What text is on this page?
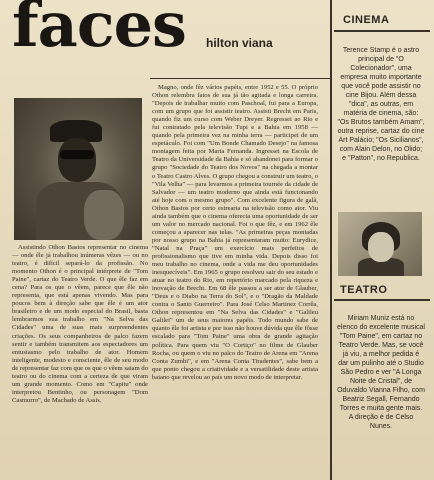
faces hilton viana

Assistindo Othon Bastos representar no cinema — onde êle já trabalhou inúmeras vêzes — ou no teatro, é difícil separá-lo da profissão. No momento Othon é o principal intérprete de "Tom Paine", cartaz do Teatro Verde. O que êle faz em cena? Para os que o vêem, parece que êle não representa, que está apenas vivendo. Mas para poucos bem à direção sabe que êle é um ator brasileiro e de um modo especial do Brasil, basta lembrarmos sua trabalho em "Na Selva das Cidades" uma de suas mais surpreendentes criações. Os seus companheiros de palco fazem sentir e também transmitem aos espectadores um entusiasmo pelo trabalho de ator. Homem inteligente, modesto e consciente, êle de seu modo de representar faz com que os que o vêem saiam do teatro ou do cinema com a certeza de que viram um grande momento. Como em "Capitu" onde interpretou Bentinho, ou personagem "Dom Casmurro", de Machado de Assis.

Magno, onde fêz vários papéis, entre 1952 e 55. O próprio Othon relembra fatos de sua já tão agitada e longa carreira. "Depois de trabalhar muito com Paschoal, fui para a Europa, com um grupo que foi assistir teatro. Assisti Brecht em Paris, quando fiz um curso com Weber Dreyer. Regressei ao Rio e fui contratado pela televisão Tupi e a Bahia em 1958 — quando pela primeira vez na minha terra — participei de um espetáculo. Foi com "Um Bonde Chamado Desejo" na famosa montagem feita por Maria Fernanda. Ingressei na Escola de Teatro da Universidade da Bahia e só abandonei para formar o grupo "Sociedade do Teatro dos Novos" na chegada a montar o Teatro Castro Alves. O grupo chegou a construir um teatro, o "Vila Velha" — para levarmos a primeira tournée da cidade de Salvador — um teatro moderno que ainda está funcionando até hoje com o mesmo grupo". Com excelente figura de galã, Othon Bastos por certo estrearia na televisão como ator. Viu ainda também que o cinema oferecia uma oportunidade de ser um valor no mercado nacional. Foi o que fêz, e em 1962 êle começou a aparecer nas telas. "As primeiras peças montadas por nosso grupo na Bahia já representaram muito: Eurydice, "Natal na Praça" um exercício mais perfeitos de profissionalismo que tive em minha vida. Depois disso foi meu trabalho no cinema, onde a vida me deu oportunidades inesquecíveis". Em 1965 o grupo resolveu sair do seu estado e atuar no teatro do Rio, em repertório marcado pela riqueza e inovação de Brecht. Em 68 êle passou a ser ator de Glauber, "Deus e o Diabo na Terra do Sol", e o "Dragão da Maldade contra o Santo Guerreiro". Para José Celso Martinez Corrêa, Othon representou em "Na Selva das Cidades" e "Galileu Galilei" um de seus maiores papéis. Todo mundo sabe de quanto êle foi artista e por isso não houve dúvida que êle fôsse escalado para "Tom Paine" uma obra de grande agitação política. Para quem viu "O Cortiço" no filme de Glauber Rocha, ou quem o viu no palco do Teatro de Arena em "Arena Conta Zumbi", e em "Arena Conta Tiradentes", sabe bem a que ponto chegou a criatividade e a versatilidade deste artista baiano que revelou ao país um novo modo de interpretar.

CINEMA
Terence Stamp é o astro principal de "O Colecionador", uma empresa muito importante que você pode assistir no cine Bijou. Além dessa "dica", as outras, em matéria de cinema, são: "Os Brutos também Amam", outra reprise, cartaz do cine Art Palácio; "Os Sicilianos", com Alain Delon, no Olido; e "Patton", no Republica.
TEATRO
Miriam Muniz está no elenco do excelente musical "Tom Paine", em cartaz no Teatro Verde. Mas, se você já viu, a melhor pedida é dar um pulinho até o Studio São Pedro e ver "A Longa Noite de Cristal", de Oduvaldo Vianna Filho, com Beatriz Segall, Fernando Torres e muita gente mais. A direção é de Celso Nunes.
